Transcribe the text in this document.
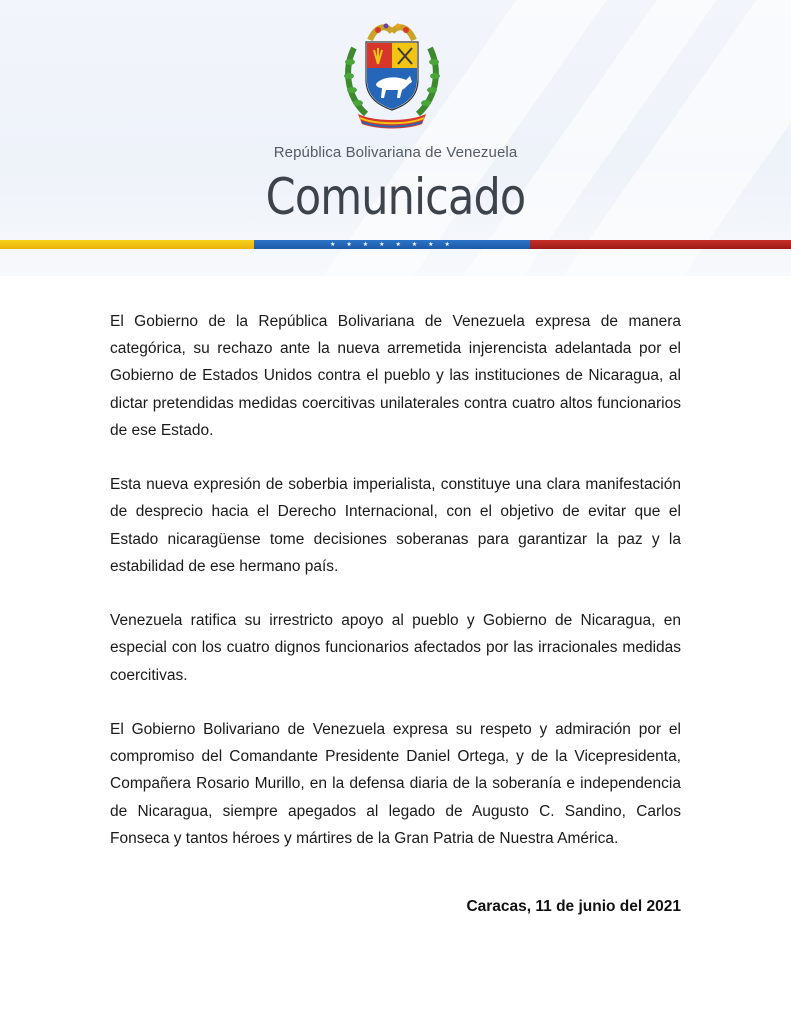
República Bolivariana de Venezuela
Comunicado
★ ★ ★ ★ ★ ★ ★ ★

El Gobierno de la República Bolivariana de Venezuela expresa de manera categórica, su rechazo ante la nueva arremetida injerencista adelantada por el Gobierno de Estados Unidos contra el pueblo y las instituciones de Nicaragua, al dictar pretendidas medidas coercitivas unilaterales contra cuatro altos funcionarios de ese Estado.

Esta nueva expresión de soberbia imperialista, constituye una clara manifestación de desprecio hacia el Derecho Internacional, con el objetivo de evitar que el Estado nicaragüense tome decisiones soberanas para garantizar la paz y la estabilidad de ese hermano país.

Venezuela ratifica su irrestricto apoyo al pueblo y Gobierno de Nicaragua, en especial con los cuatro dignos funcionarios afectados por las irracionales medidas coercitivas.

El Gobierno Bolivariano de Venezuela expresa su respeto y admiración por el compromiso del Comandante Presidente Daniel Ortega, y de la Vicepresidenta, Compañera Rosario Murillo, en la defensa diaria de la soberanía e independencia de Nicaragua, siempre apegados al legado de Augusto C. Sandino, Carlos Fonseca y tantos héroes y mártires de la Gran Patria de Nuestra América.

Caracas, 11 de junio del 2021
